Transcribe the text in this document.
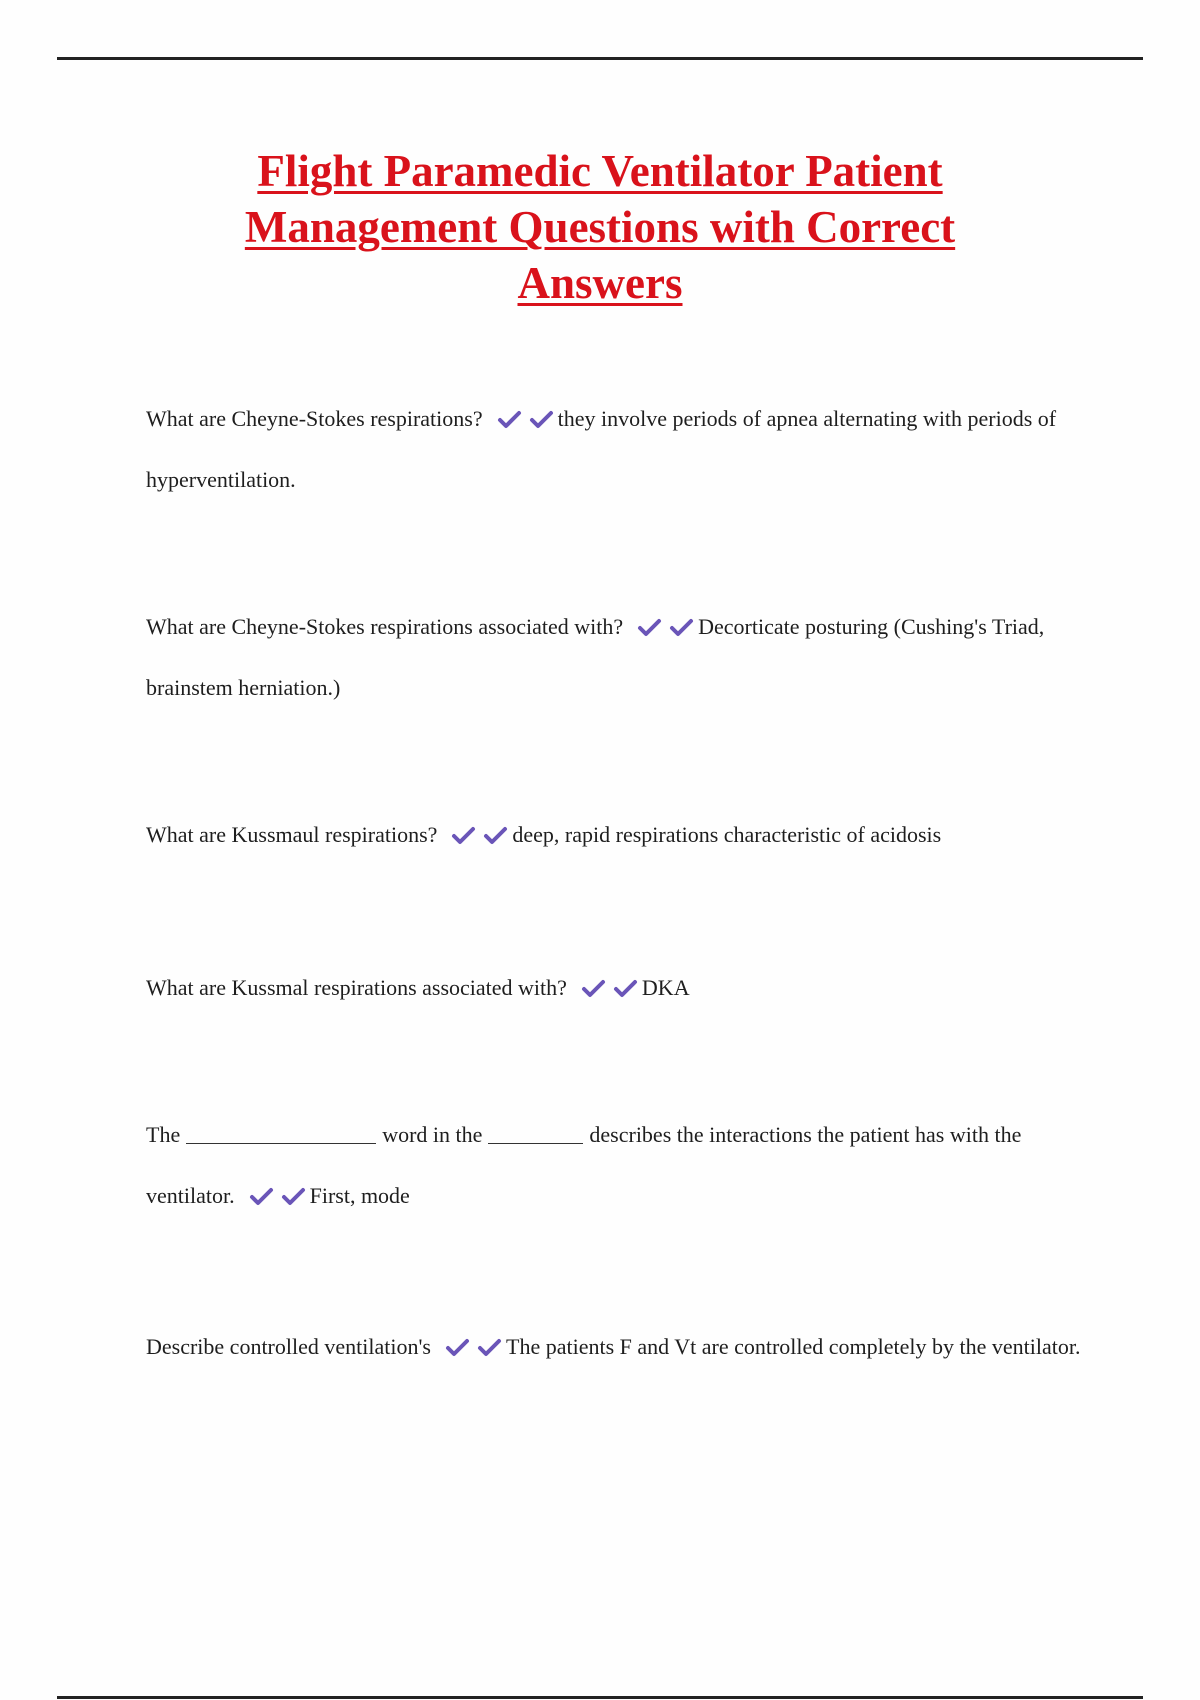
Flight Paramedic Ventilator Patient
Management Questions with Correct
Answers
What are Cheyne-Stokes respirations?	they involve periods of apnea alternating with periods of hyperventilation.
What are Cheyne-Stokes respirations associated with?	Decorticate posturing (Cushing's Triad, brainstem herniation.)
What are Kussmaul respirations?	deep, rapid respirations characteristic of acidosis
What are Kussmal respirations associated with?	DKA
The	word in the	describes the interactions the patient has with the ventilator.	First, mode
Describe controlled ventilation's	The patients F and Vt are controlled completely by the ventilator.
